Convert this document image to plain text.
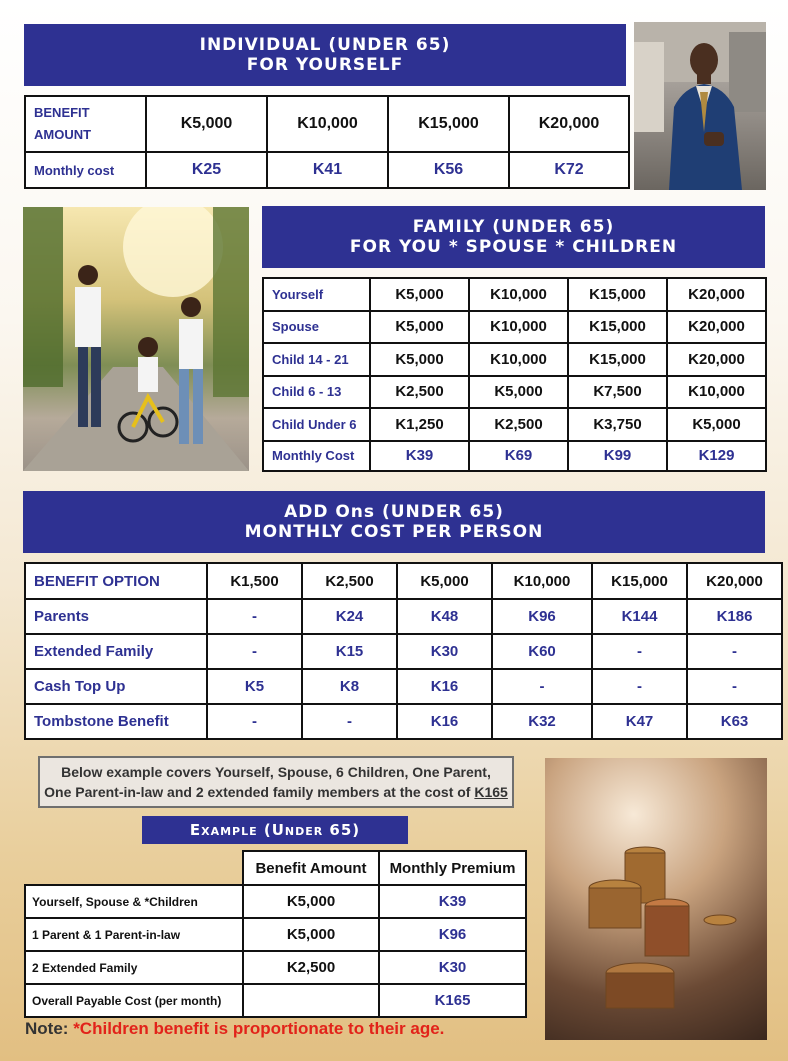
INDIVIDUAL (UNDER 65)
FOR YOURSELF
BENEFIT
AMOUNT	K5,000	K10,000	K15,000	K20,000
Monthly cost	K25	K41	K56	K72
FAMILY (UNDER 65)
FOR YOU * SPOUSE * CHILDREN
Yourself	K5,000	K10,000	K15,000	K20,000
Spouse	K5,000	K10,000	K15,000	K20,000
Child 14 - 21	K5,000	K10,000	K15,000	K20,000
Child 6 - 13	K2,500	K5,000	K7,500	K10,000
Child Under 6	K1,250	K2,500	K3,750	K5,000
Monthly Cost	K39	K69	K99	K129
ADD Ons (UNDER 65)
MONTHLY COST PER PERSON
BENEFIT OPTION	K1,500	K2,500	K5,000	K10,000	K15,000	K20,000
Parents	-	K24	K48	K96	K144	K186
Extended Family	-	K15	K30	K60	-	-
Cash Top Up	K5	K8	K16	-	-	-
Tombstone Benefit	-	-	K16	K32	K47	K63
Below example covers Yourself, Spouse, 6 Children, One Parent,
One Parent-in-law and 2 extended family members at the cost of K165
Example (Under 65)
	Benefit Amount	Monthly Premium
Yourself, Spouse & *Children	K5,000	K39
1 Parent & 1 Parent-in-law	K5,000	K96
2 Extended Family	K2,500	K30
Overall Payable Cost (per month)		K165
Note: *Children benefit is proportionate to their age.
